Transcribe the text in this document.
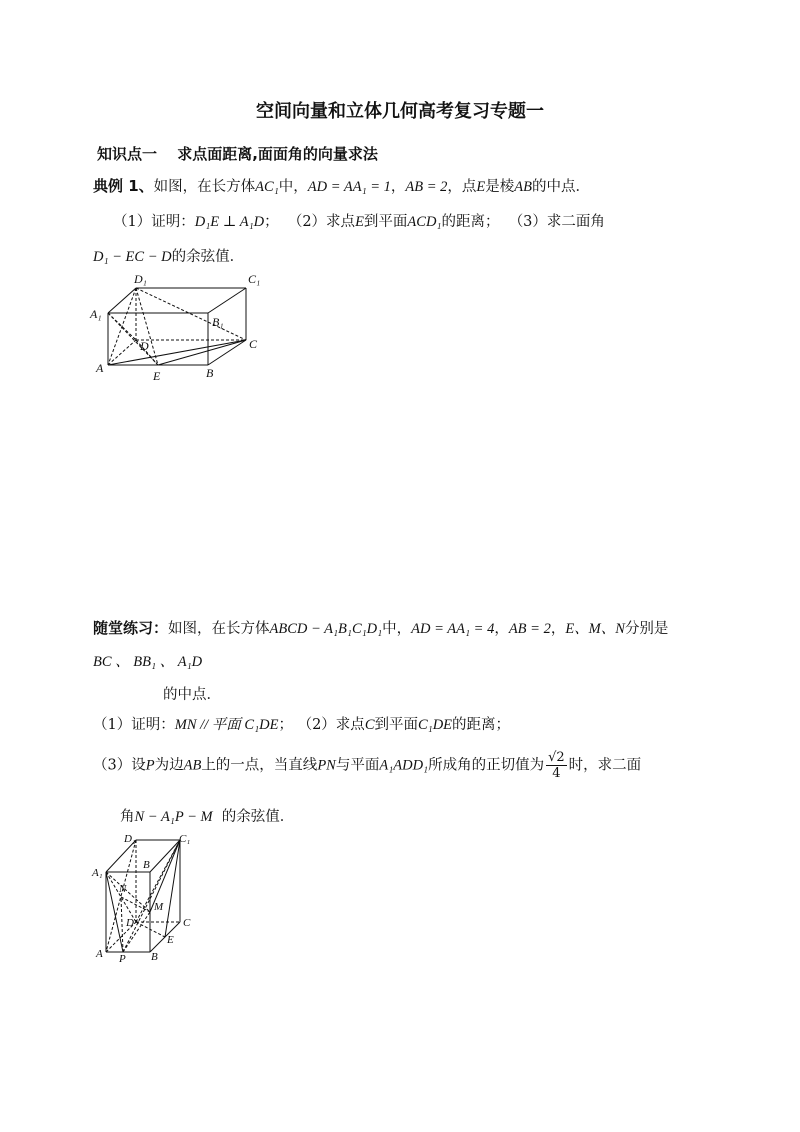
空间向量和立体几何高考复习专题一
知识点一　 求点面距离,面面角的向量求法
典例 1、如图，在长方体AC₁中，AD = AA₁ = 1，AB = 2，点E是棱AB的中点．
（1）证明：D₁E ⊥ A₁D； （2）求点E到平面ACD₁的距离； （3）求二面角
D₁ − EC − D的余弦值．
D₁	C₁
A₁
B₁
D	C
A
E	B
随堂练习：如图，在长方体ABCD − A₁B₁C₁D₁中，AD = AA₁ = 4，AB = 2，E、M、N分别是
BC 、 BB₁ 、 A₁D
的中点．
（1）证明：MN // 平面 C₁DE； （2）求点C到平面C₁DE的距离；
（3）设P为边AB上的一点，当直线PN与平面A₁ADD₁所成角的正切值为 $\frac{√2}{4}$ 时，求二面
角N − A₁P − M 的余弦值．
D₁	C₁
A₁
B
N
M
D	C
E
A P B
